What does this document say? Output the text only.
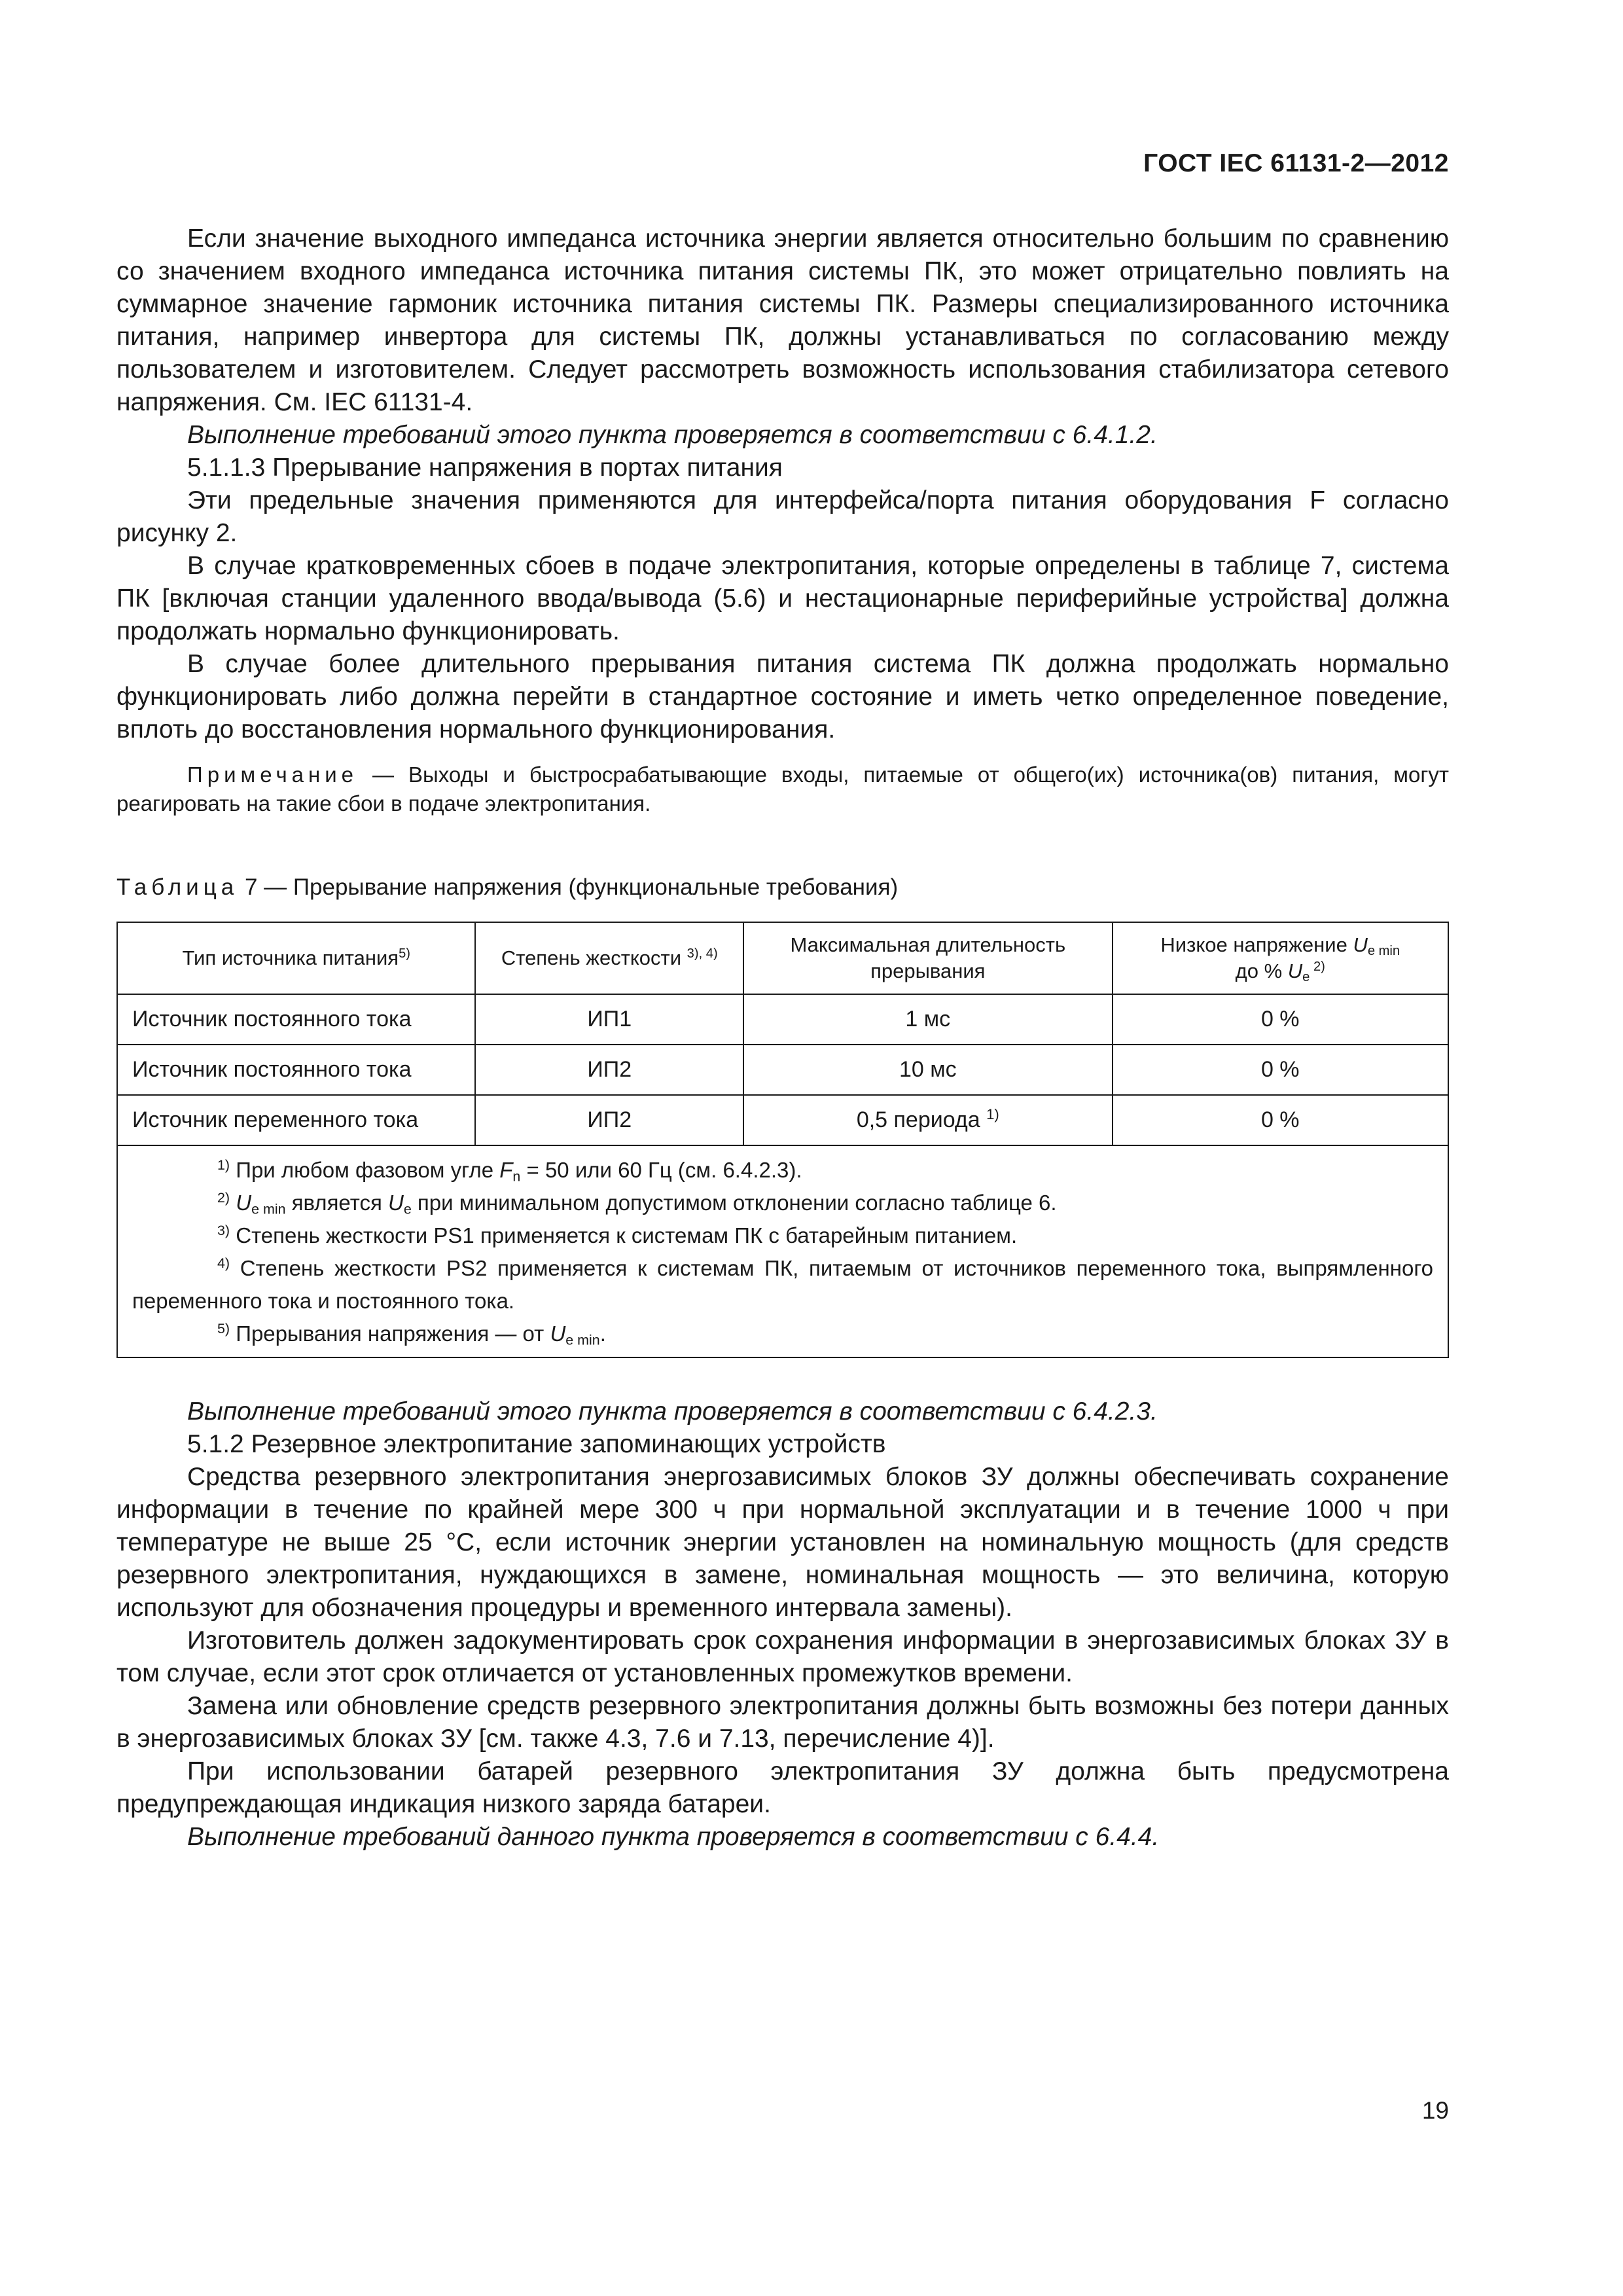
ГОСТ IEC 61131-2—2012

Если значение выходного импеданса источника энергии является относительно большим по сравнению со значением входного импеданса источника питания системы ПК, это может отрицательно повлиять на суммарное значение гармоник источника питания системы ПК. Размеры специализированного источника питания, например инвертора для системы ПК, должны устанавливаться по согласованию между пользователем и изготовителем. Следует рассмотреть возможность использования стабилизатора сетевого напряжения. См. IEC 61131-4.

Выполнение требований этого пункта проверяется в соответствии с 6.4.1.2.

5.1.1.3 Прерывание напряжения в портах питания

Эти предельные значения применяются для интерфейса/порта питания оборудования F согласно рисунку 2.

В случае кратковременных сбоев в подаче электропитания, которые определены в таблице 7, система ПК [включая станции удаленного ввода/вывода (5.6) и нестационарные периферийные устройства] должна продолжать нормально функционировать.

В случае более длительного прерывания питания система ПК должна продолжать нормально функционировать либо должна перейти в стандартное состояние и иметь четко определенное поведение, вплоть до восстановления нормального функционирования.

Примечание — Выходы и быстросрабатывающие входы, питаемые от общего(их) источника(ов) питания, могут реагировать на такие сбои в подаче электропитания.

Таблица 7 — Прерывание напряжения (функциональные требования)
Тип источника питания$^{5)}$	Степень жесткости $^{3), 4)}$	Максимальная длительность прерывания	Низкое напряжение $U_{e min}$
до % $U_e$ $^{2)}$
Источник постоянного тока	ИП1	1 мс	0 %
Источник постоянного тока	ИП2	10 мс	0 %
Источник переменного тока	ИП2	0,5 периода $^{1)}$	0 %

$^{1)}$ При любом фазовом угле $F_n = 50$ или 60 Гц (см. 6.4.2.3).

$^{2)}$ $U_{e min}$ является $U_e$ при минимальном допустимом отклонении согласно таблице 6.

$^{3)}$ Степень жесткости PS1 применяется к системам ПК с батарейным питанием.

$^{4)}$ Степень жесткости PS2 применяется к системам ПК, питаемым от источников переменного тока, выпрямленного переменного тока и постоянного тока.

$^{5)}$ Прерывания напряжения — от $U_{e min}$.			

Выполнение требований этого пункта проверяется в соответствии с 6.4.2.3.

5.1.2 Резервное электропитание запоминающих устройств

Средства резервного электропитания энергозависимых блоков ЗУ должны обеспечивать сохранение информации в течение по крайней мере 300 ч при нормальной эксплуатации и в течение 1000 ч при температуре не выше 25 °С, если источник энергии установлен на номинальную мощность (для средств резервного электропитания, нуждающихся в замене, номинальная мощность — это величина, которую используют для обозначения процедуры и временного интервала замены).

Изготовитель должен задокументировать срок сохранения информации в энергозависимых блоках ЗУ в том случае, если этот срок отличается от установленных промежутков времени.

Замена или обновление средств резервного электропитания должны быть возможны без потери данных в энергозависимых блоках ЗУ [см. также 4.3, 7.6 и 7.13, перечисление 4)].

При использовании батарей резервного электропитания ЗУ должна быть предусмотрена предупреждающая индикация низкого заряда батареи.

Выполнение требований данного пункта проверяется в соответствии с 6.4.4.

19
